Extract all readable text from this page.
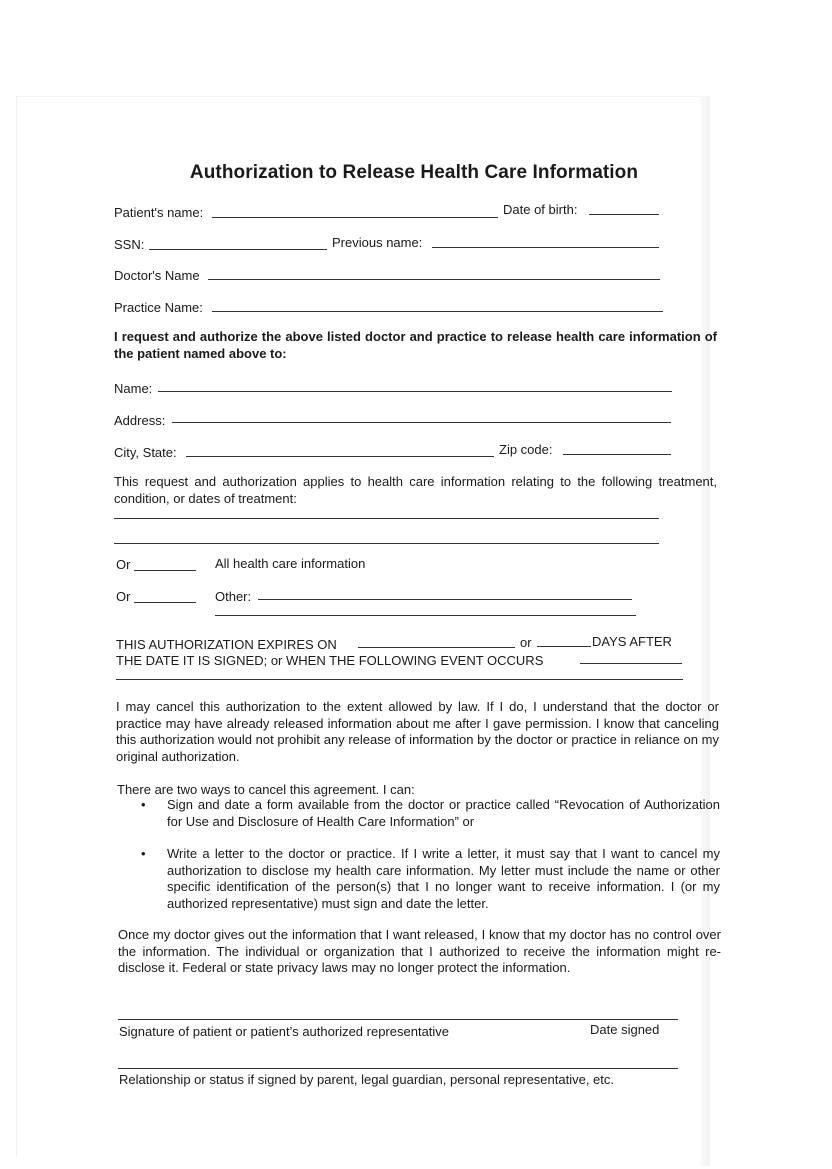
Authorization to Release Health Care Information
Patient's name:	Date of birth:
SSN:	Previous name:
Doctor's Name
Practice Name:
I request and authorize the above listed doctor and practice to release health care information of the patient named above to:
Name:
Address:
City, State:	Zip code:
This request and authorization applies to health care information relating to the following treatment, condition, or dates of treatment:
Or	All health care information
Or	Other:
THIS AUTHORIZATION EXPIRES ON	or	DAYS AFTER
THE DATE IT IS SIGNED; or WHEN THE FOLLOWING EVENT OCCURS
I may cancel this authorization to the extent allowed by law. If I do, I understand that the doctor or practice may have already released information about me after I gave permission. I know that canceling this authorization would not prohibit any release of information by the doctor or practice in reliance on my original authorization.
There are two ways to cancel this agreement. I can:
• Sign and date a form available from the doctor or practice called “Revocation of Authorization for Use and Disclosure of Health Care Information” or
• Write a letter to the doctor or practice. If I write a letter, it must say that I want to cancel my authorization to disclose my health care information. My letter must include the name or other specific identification of the person(s) that I no longer want to receive information. I (or my authorized representative) must sign and date the letter.
Once my doctor gives out the information that I want released, I know that my doctor has no control over the information. The individual or organization that I authorized to receive the information might re-disclose it. Federal or state privacy laws may no longer protect the information.
Signature of patient or patient’s authorized representative	Date signed
Relationship or status if signed by parent, legal guardian, personal representative, etc.
